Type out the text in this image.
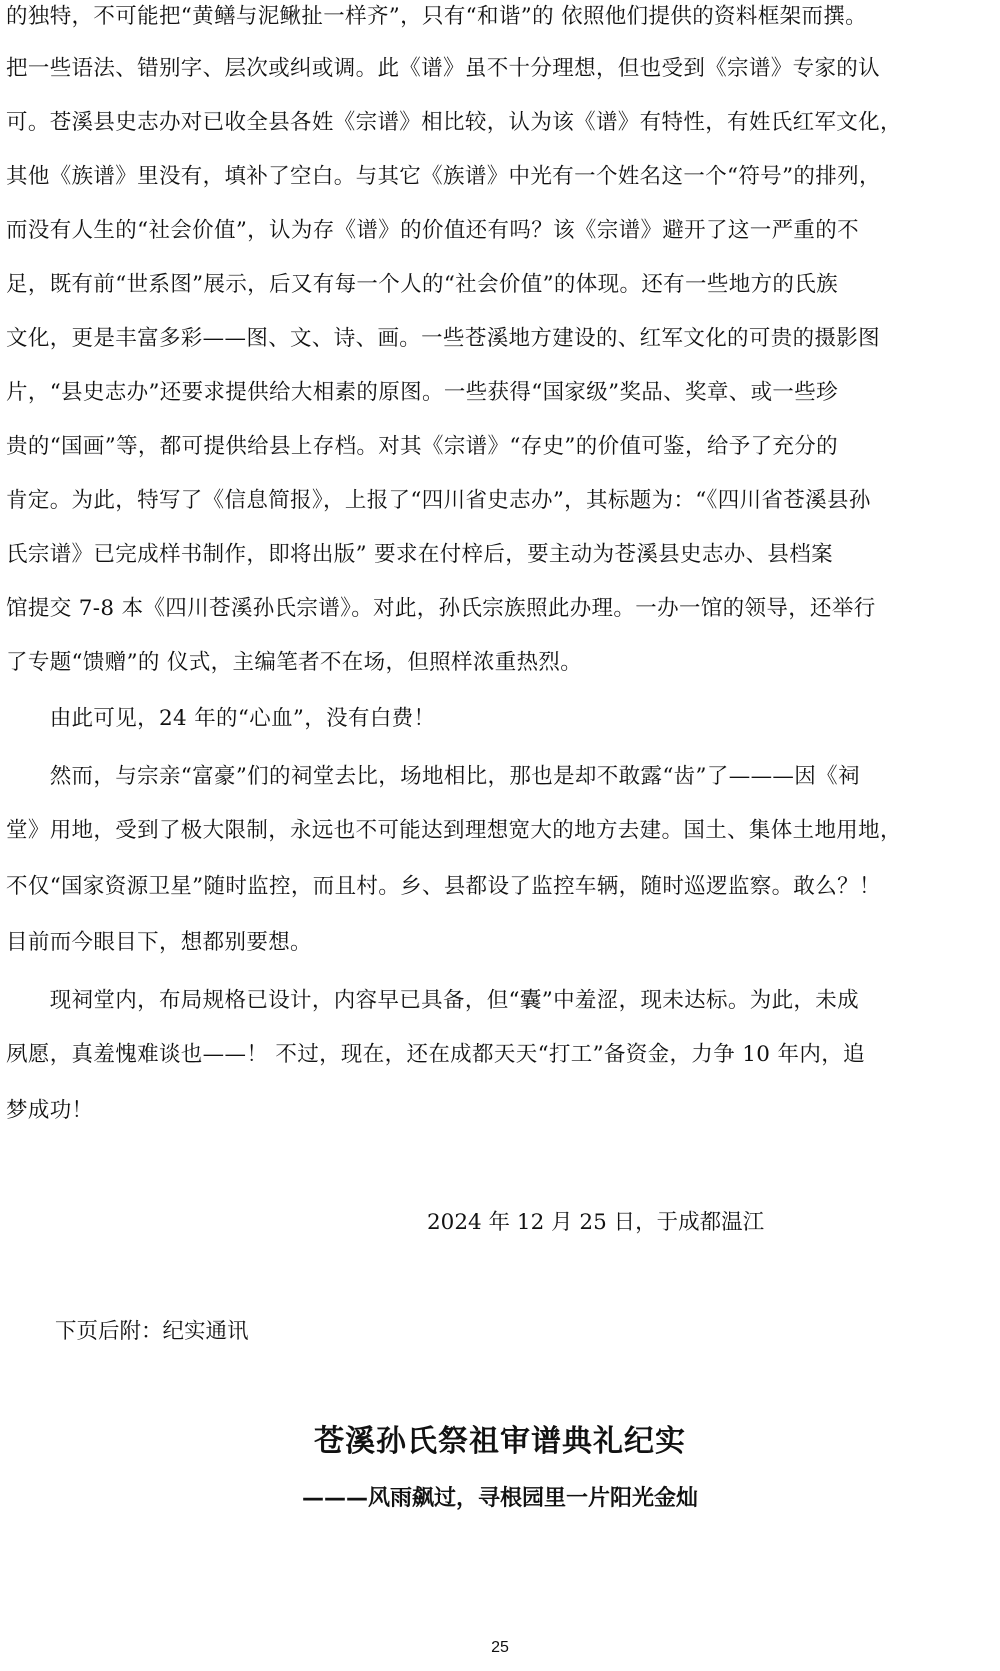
的独特，不可能把“黄鳝与泥鳅扯一样齐”，只有“和谐”的 依照他们提供的资料框架而撰。
把一些语法、错别字、层次或纠或调。此《谱》虽不十分理想，但也受到《宗谱》专家的认
可。苍溪县史志办对已收全县各姓《宗谱》相比较，认为该《谱》有特性，有姓氏红军文化，
其他《族谱》里没有，填补了空白。与其它《族谱》中光有一个姓名这一个“符号”的排列，
而没有人生的“社会价值”，认为存《谱》的价值还有吗？该《宗谱》避开了这一严重的不
足，既有前“世系图”展示，后又有每一个人的“社会价值”的体现。还有一些地方的氏族
文化，更是丰富多彩——图、文、诗、画。一些苍溪地方建设的、红军文化的可贵的摄影图
片，“县史志办”还要求提供给大相素的原图。一些获得“国家级”奖品、奖章、或一些珍
贵的“国画”等，都可提供给县上存档。对其《宗谱》“存史”的价值可鉴，给予了充分的
肯定。为此，特写了《信息简报》，上报了“四川省史志办”，其标题为：“《四川省苍溪县孙
氏宗谱》已完成样书制作，即将出版” 要求在付梓后，要主动为苍溪县史志办、县档案
馆提交 7-8 本《四川苍溪孙氏宗谱》。对此，孙氏宗族照此办理。一办一馆的领导，还举行
了专题“馈赠”的 仪式，主编笔者不在场，但照样浓重热烈。
　　由此可见，24 年的“心血”，没有白费！
　　然而，与宗亲“富豪”们的祠堂去比，场地相比，那也是却不敢露“齿”了———因《祠
堂》用地，受到了极大限制，永远也不可能达到理想宽大的地方去建。国土、集体土地用地，
不仅“国家资源卫星”随时监控，而且村。乡、县都设了监控车辆，随时巡逻监察。敢么？！
目前而今眼目下，想都别要想。
　　现祠堂内，布局规格已设计，内容早已具备，但“囊”中羞涩，现未达标。为此，未成
夙愿，真羞愧难谈也——！ 不过，现在，还在成都天天“打工”备资金，力争 10 年内，追
梦成功！
2024 年 12 月 25 日，于成都温江
下页后附：纪实通讯
苍溪孙氏祭祖审谱典礼纪实
———风雨飙过，寻根园里一片阳光金灿
25
